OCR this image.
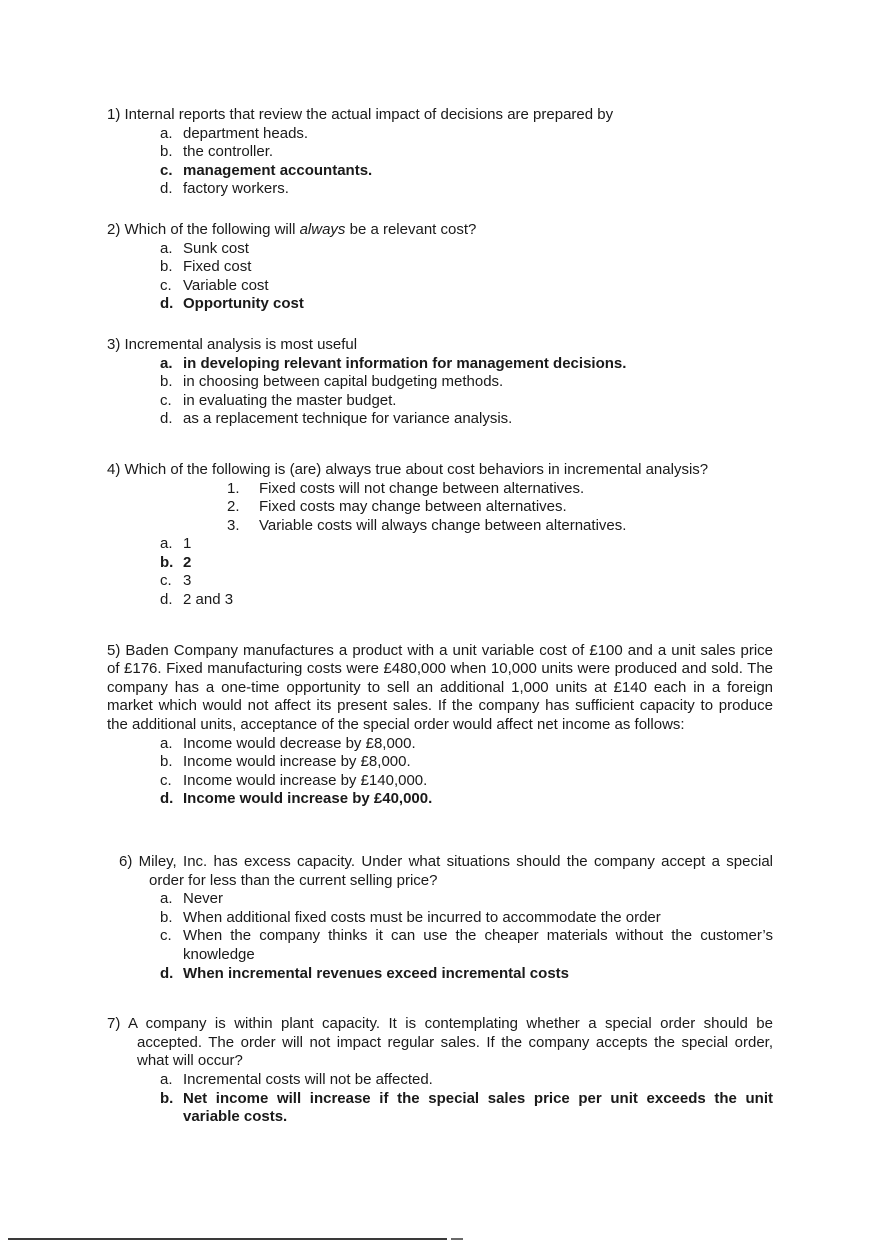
1) Internal reports that review the actual impact of decisions are prepared by

a. department heads.
b. the controller.
c. management accountants.
d. factory workers.

2) Which of the following will always be a relevant cost?

a. Sunk cost
b. Fixed cost
c. Variable cost
d. Opportunity cost

3) Incremental analysis is most useful

a. in developing relevant information for management decisions.
b. in choosing between capital budgeting methods.
c. in evaluating the master budget.
d. as a replacement technique for variance analysis.

4) Which of the following is (are) always true about cost behaviors in incremental analysis?

1.	Fixed costs will not change between alternatives.
2.	Fixed costs may change between alternatives.
3.	Variable costs will always change between alternatives.
a. 1
b. 2
c. 3
d. 2 and 3

5) Baden Company manufactures a product with a unit variable cost of £100 and a unit sales price of £176. Fixed manufacturing costs were £480,000 when 10,000 units were produced and sold. The company has a one-time opportunity to sell an additional 1,000 units at £140 each in a foreign market which would not affect its present sales. If the company has sufficient capacity to produce the additional units, acceptance of the special order would affect net income as follows:

a. Income would decrease by £8,000.
b. Income would increase by £8,000.
c. Income would increase by £140,000.
d. Income would increase by £40,000.

6) Miley, Inc. has excess capacity. Under what situations should the company accept a special order for less than the current selling price?

a. Never
b. When additional fixed costs must be incurred to accommodate the order
c. When the company thinks it can use the cheaper materials without the customer’s knowledge
d. When incremental revenues exceed incremental costs

7) A company is within plant capacity. It is contemplating whether a special order should be accepted. The order will not impact regular sales. If the company accepts the special order, what will occur?

a. Incremental costs will not be affected.
b. Net income will increase if the special sales price per unit exceeds the unit variable costs.
